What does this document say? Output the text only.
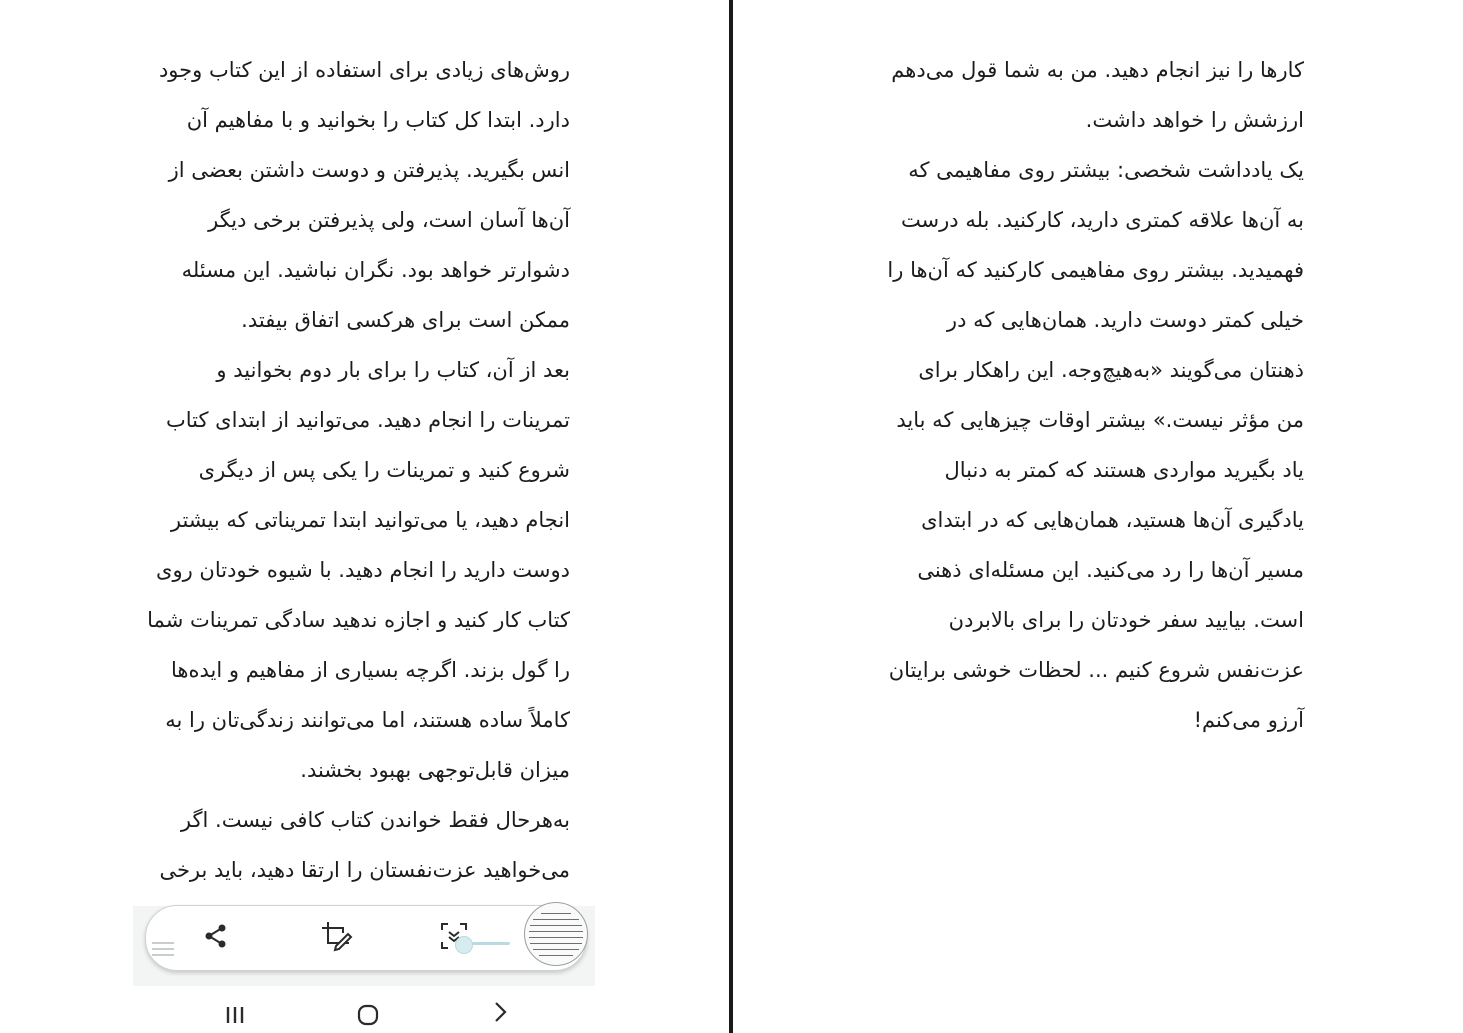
روش‌های زیادی برای استفاده از این کتاب وجود
دارد. ابتدا کل کتاب را بخوانید و با مفاهیم آن
انس بگیرید. پذیرفتن و دوست داشتن بعضی از
آن‌ها آسان است، ولی پذیرفتن برخی دیگر
دشوارتر خواهد بود. نگران نباشید. این مسئله
ممکن است برای هرکسی اتفاق بیفتد.
بعد از آن، کتاب را برای بار دوم بخوانید و
تمرینات را انجام دهید. می‌توانید از ابتدای کتاب
شروع کنید و تمرینات را یکی پس از دیگری
انجام دهید، یا می‌توانید ابتدا تمریناتی که بیشتر
دوست دارید را انجام دهید. با شیوه خودتان روی
کتاب کار کنید و اجازه ندهید سادگی تمرینات شما
را گول بزند. اگرچه بسیاری از مفاهیم و ایده‌ها
کاملاً ساده هستند، اما می‌توانند زندگی‌تان را به
میزان قابل‌توجهی بهبود بخشند.
به‌هرحال فقط خواندن کتاب کافی نیست. اگر
می‌خواهید عزت‌نفستان را ارتقا دهید، باید برخی
کارها را نیز انجام دهید. من به شما قول می‌دهم
ارزشش را خواهد داشت.
یک یادداشت شخصی: بیشتر روی مفاهیمی که
به آن‌ها علاقه کمتری دارید، کارکنید. بله درست
فهمیدید. بیشتر روی مفاهیمی کارکنید که آن‌ها را
خیلی کمتر دوست دارید. همان‌هایی که در
ذهنتان می‌گویند «به‌هیچ‌وجه. این راهکار برای
من مؤثر نیست.» بیشتر اوقات چیزهایی که باید
یاد بگیرید مواردی هستند که کمتر به دنبال
یادگیری آن‌ها هستید، همان‌هایی که در ابتدای
مسیر آن‌ها را رد می‌کنید. این مسئله‌ای ذهنی
است. بیایید سفر خودتان را برای بالابردن
عزت‌نفس شروع کنیم ... لحظات خوشی برایتان
آرزو می‌کنم!
